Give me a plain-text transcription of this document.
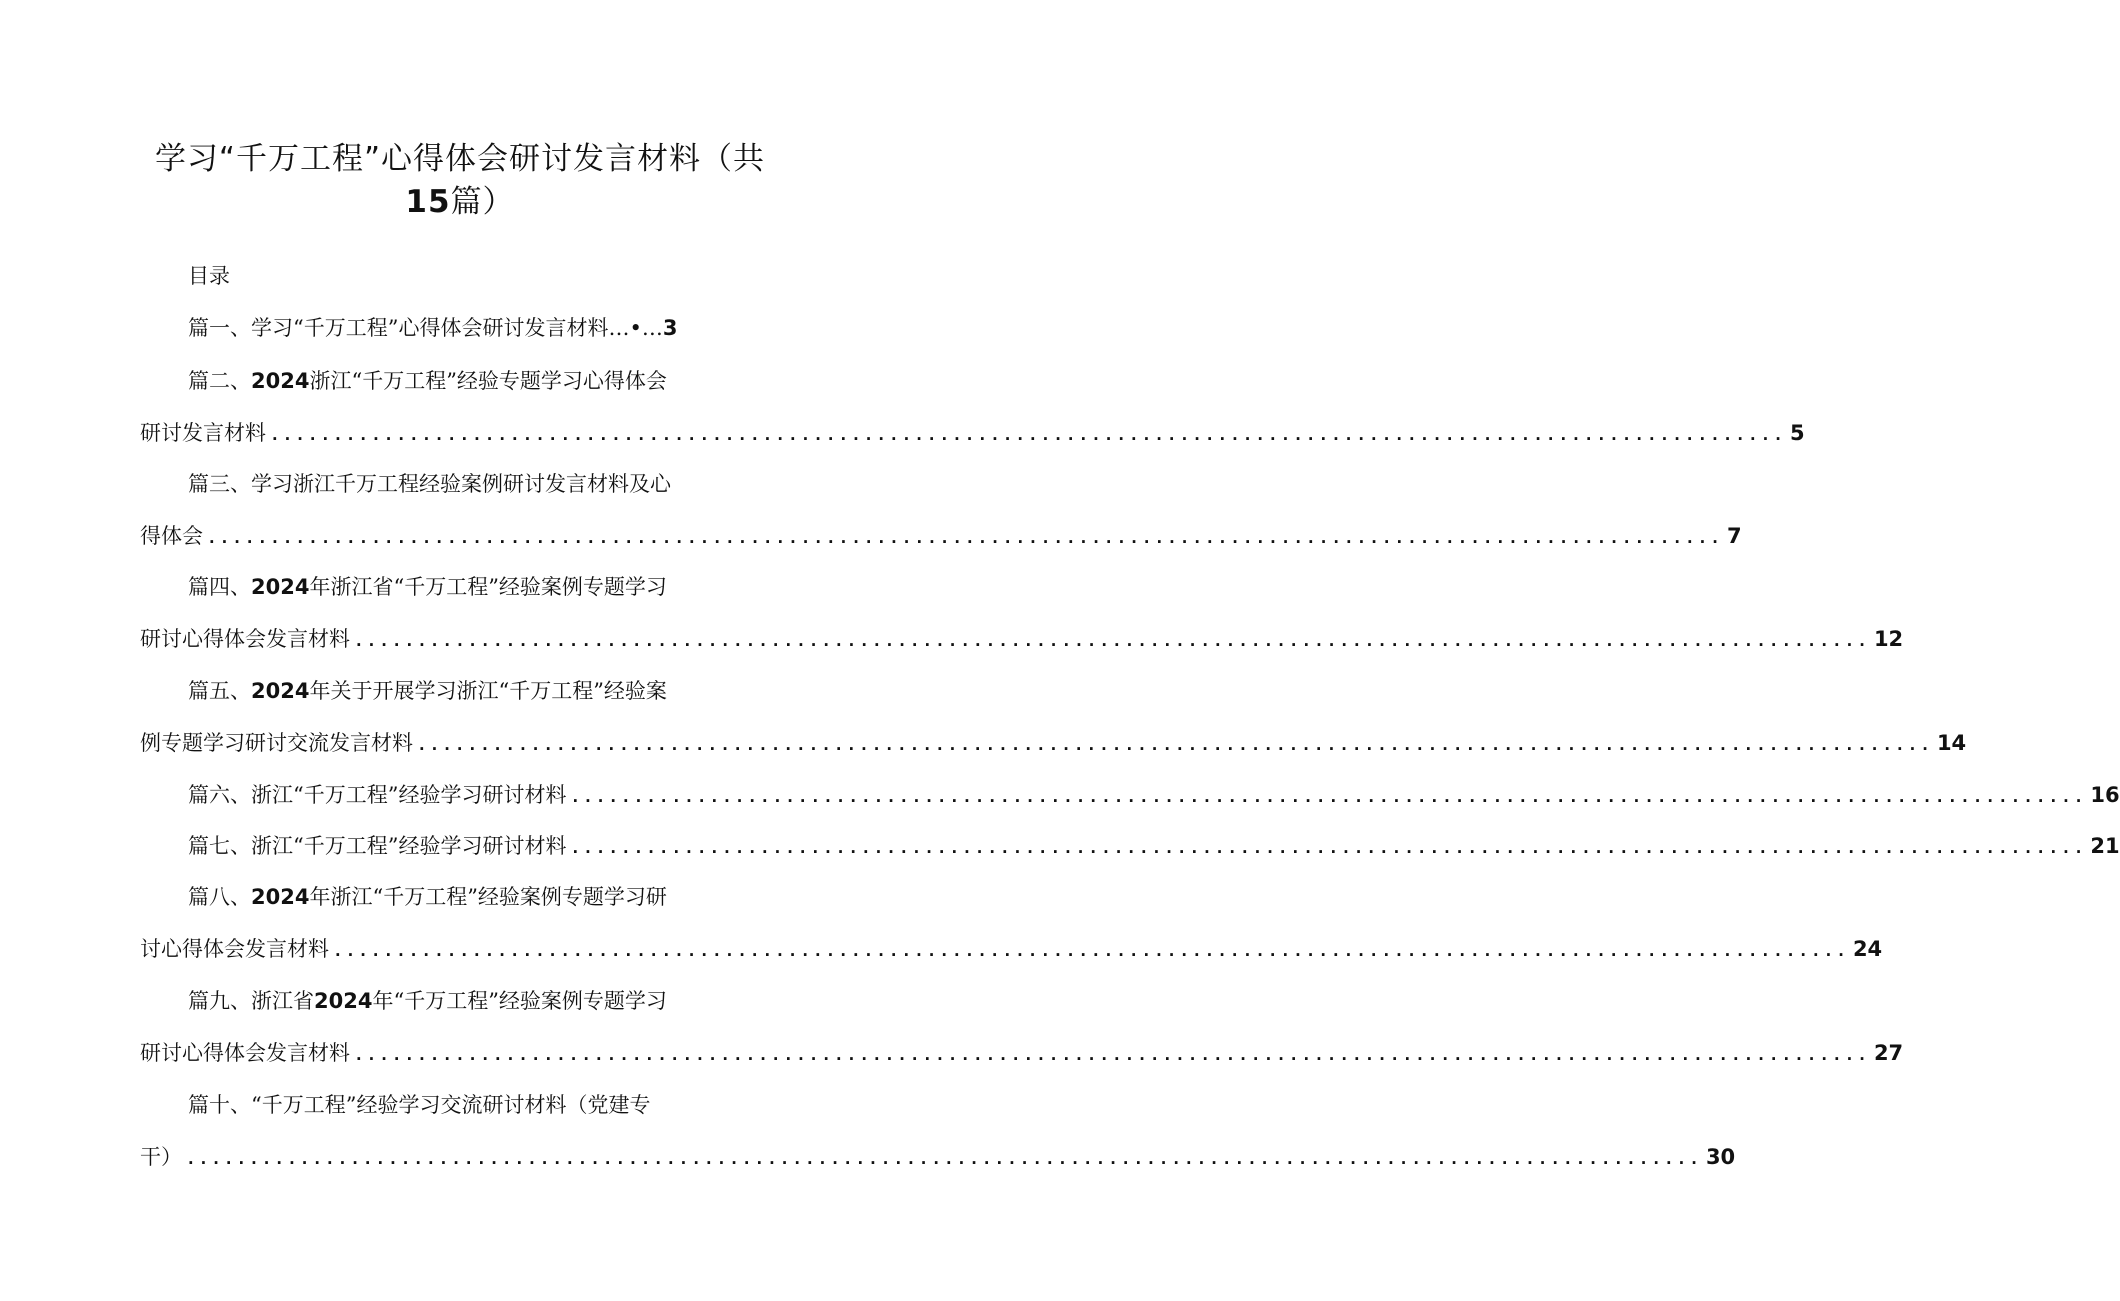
学习“千万工程”心得体会研讨发言材料（共
15篇）
目录
篇一、学习“千万工程”心得体会研讨发言材料…•…3
篇二、2024浙江“千万工程”经验专题学习心得体会
研讨发言材料 ........................................................................................................................ 5
篇三、学习浙江千万工程经验案例研讨发言材料及心
得体会 ........................................................................................................................ 7
篇四、2024年浙江省“千万工程”经验案例专题学习
研讨心得体会发言材料 ........................................................................................................................ 12
篇五、2024年关于开展学习浙江“千万工程”经验案
例专题学习研讨交流发言材料 ........................................................................................................................ 14
篇六、浙江“千万工程”经验学习研讨材料 ........................................................................................................................ 16
篇七、浙江“千万工程”经验学习研讨材料 ........................................................................................................................ 21
篇八、2024年浙江“千万工程”经验案例专题学习研
讨心得体会发言材料 ........................................................................................................................ 24
篇九、浙江省2024年“千万工程”经验案例专题学习
研讨心得体会发言材料 ........................................................................................................................ 27
篇十、“千万工程”经验学习交流研讨材料（党建专
干） ........................................................................................................................ 30
